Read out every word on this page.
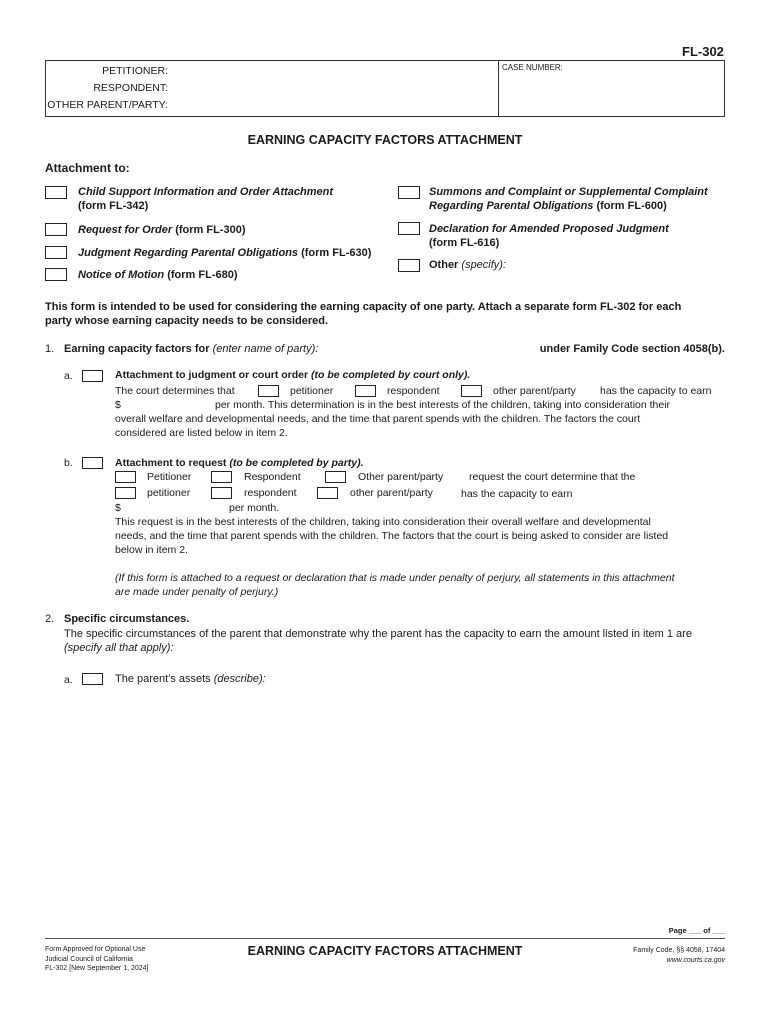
FL-302
PETITIONER:
RESPONDENT:
OTHER PARENT/PARTY:
CASE NUMBER:
EARNING CAPACITY FACTORS ATTACHMENT
Attachment to:
Child Support Information and Order Attachment
(form FL-342)
Request for Order (form FL-300)
Judgment Regarding Parental Obligations (form FL-630)
Notice of Motion (form FL-680)
Summons and Complaint or Supplemental Complaint
Regarding Parental Obligations (form FL-600)
Declaration for Amended Proposed Judgment
(form FL-616)
Other (specify):
This form is intended to be used for considering the earning capacity of one party. Attach a separate form FL-302 for each
party whose earning capacity needs to be considered.
1. Earning capacity factors for (enter name of party):	under Family Code section 4058(b).
a.	Attachment to judgment or court order (to be completed by court only).
The court determines that	petitioner	respondent	other parent/party has the capacity to earn
$	per month. This determination is in the best interests of the children, taking into consideration their
overall welfare and developmental needs, and the time that parent spends with the children. The factors the court
considered are listed below in item 2.
b.	Attachment to request (to be completed by party).
Petitioner	Respondent	Other parent/party request the court determine that the
petitioner	respondent	other parent/party	has the capacity to earn
$	per month.
This request is in the best interests of the children, taking into consideration their overall welfare and developmental
needs, and the time that parent spends with the children. The factors that the court is being asked to consider are listed
below in item 2.
(If this form is attached to a request or declaration that is made under penalty of perjury, all statements in this attachment
are made under penalty of perjury.)
2. Specific circumstances.
The specific circumstances of the parent that demonstrate why the parent has the capacity to earn the amount listed in item 1 are
(specify all that apply):
a.	The parent's assets (describe):
Page ___ of ___
Form Approved for Optional Use
Judicial Council of California
FL-302 [New September 1, 2024]
EARNING CAPACITY FACTORS ATTACHMENT	Family Code, §§ 4058, 17404
www.courts.ca.gov
